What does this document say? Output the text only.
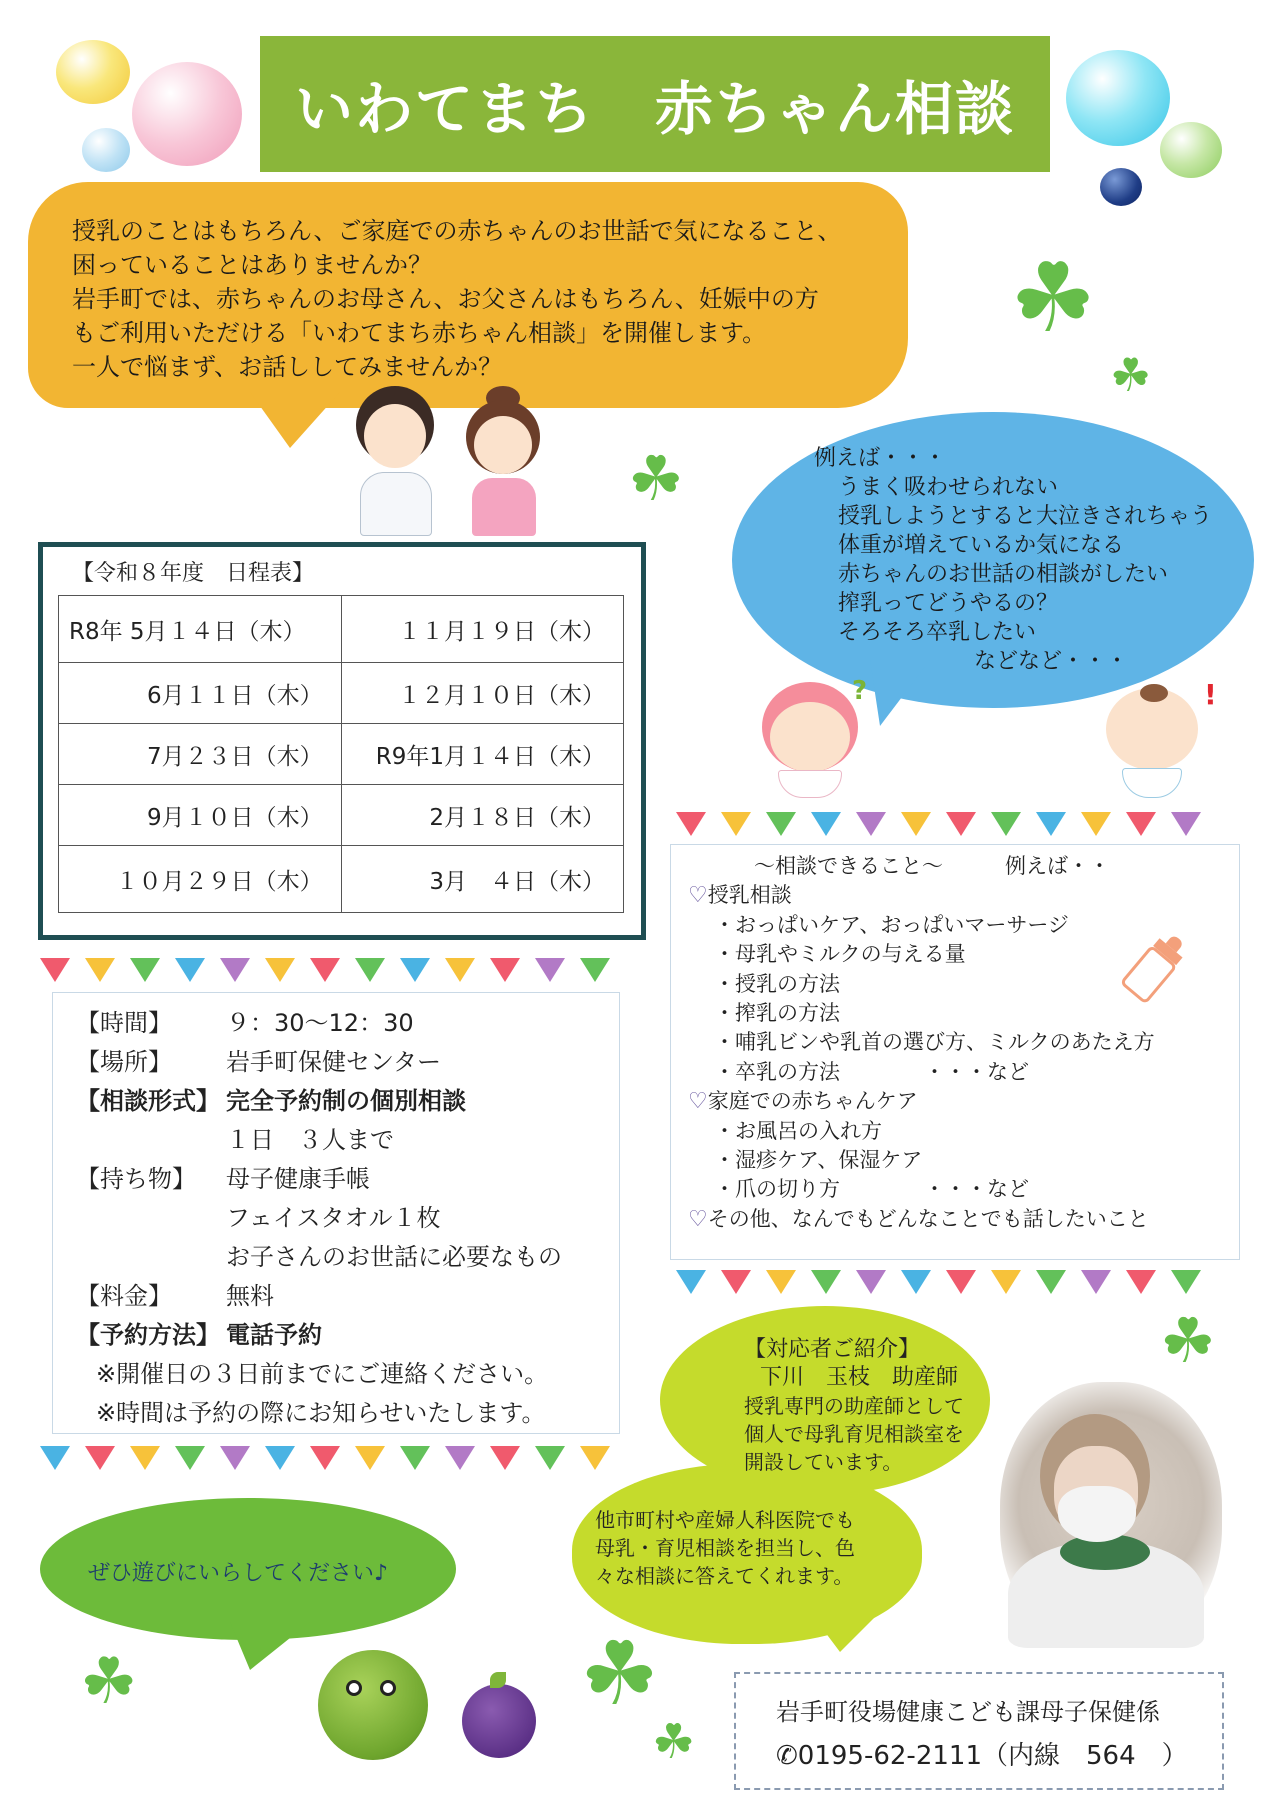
いわてまち　赤ちゃん相談

授乳のことはもちろん、ご家庭での赤ちゃんのお世話で気になること、

困っていることはありませんか？

岩手町では、赤ちゃんのお母さん、お父さんはもちろん、妊娠中の方

もご利用いただける「いわてまち赤ちゃん相談」を開催します。

一人で悩まず、お話ししてみませんか？

☘
☘
☘	例えば・・・

うまく吸わせられない

授乳しようとすると大泣きされちゃう

体重が増えているか気になる

赤ちゃんのお世話の相談がしたい

搾乳ってどうやるの？

そろそろ卒乳したい

などなど・・・

?	!
【令和８年度　日程表】
R8年 5月１４日（木）	１１月１９日（木）
6月１１日（木）	１２月１０日（木）
7月２３日（木）	R9年1月１４日（木）
9月１０日（木）	2月１８日（木）
１０月２９日（木）	3月　４日（木）

～相談できること～	例えば・・

♡授乳相談

・おっぱいケア、おっぱいマーサージ

・母乳やミルクの与える量

・授乳の方法

・搾乳の方法

・哺乳ビンや乳首の選び方、ミルクのあたえ方

・卒乳の方法　　　　・・・など

♡家庭での赤ちゃんケア

・お風呂の入れ方

・湿疹ケア、保湿ケア

・爪の切り方　　　　・・・など

♡その他、なんでもどんなことでも話したいこと

【時間】	９：30～12：30
【場所】	岩手町保健センター
【相談形式】 完全予約制の個別相談
１日　３人まで
【持ち物】	母子健康手帳
フェイスタオル１枚
お子さんのお世話に必要なもの
【料金】	無料
【予約方法】 電話予約
※開催日の３日前までにご連絡ください。
※時間は予約の際にお知らせいたします。

【対応者ご紹介】

下川　玉枝　助産師

授乳専門の助産師として

個人で母乳育児相談室を

開設しています。

他市町村や産婦人科医院でも

母乳・育児相談を担当し、色

々な相談に答えてくれます。

☘
☘
☘
☘
ぜひ遊びにいらしてください♪
岩手町役場健康こども課母子保健係
✆0195-62-2111（内線　564　）
